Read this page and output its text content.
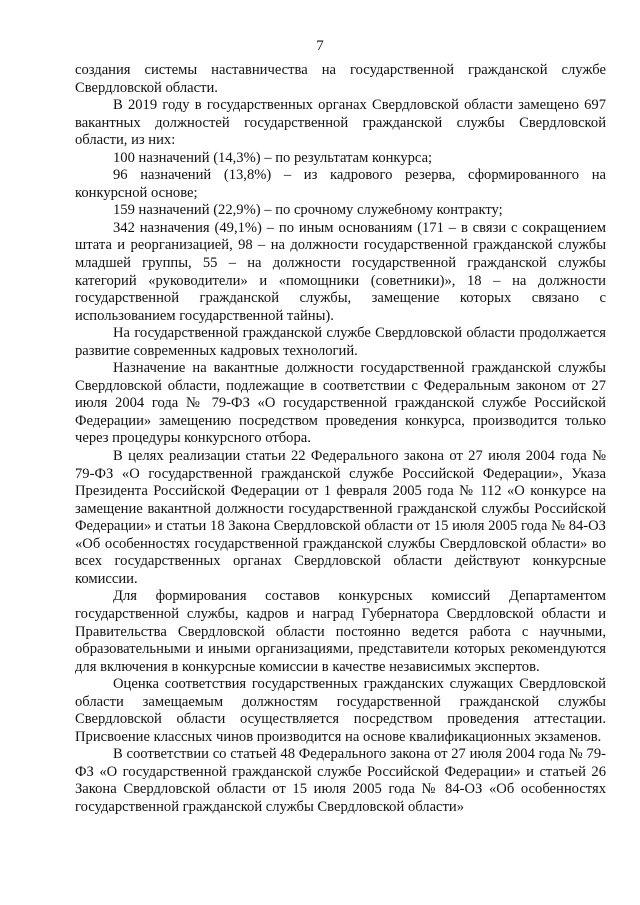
7

создания системы наставничества на государственной гражданской службе Свердловской области.

В 2019 году в государственных органах Свердловской области замещено 697 вакантных должностей государственной гражданской службы Свердловской области, из них:

100 назначений (14,3%) – по результатам конкурса;

96 назначений (13,8%) – из кадрового резерва, сформированного на конкурсной основе;

159 назначений (22,9%) – по срочному служебному контракту;

342 назначения (49,1%) – по иным основаниям (171 – в связи с сокращением штата и реорганизацией, 98 – на должности государственной гражданской службы младшей группы, 55 – на должности государственной гражданской службы категорий «руководители» и «помощники (советники)», 18 – на должности государственной гражданской службы, замещение которых связано с использованием государственной тайны).

На государственной гражданской службе Свердловской области продолжается развитие современных кадровых технологий.

Назначение на вакантные должности государственной гражданской службы Свердловской области, подлежащие в соответствии с Федеральным законом от 27 июля 2004 года № 79-ФЗ «О государственной гражданской службе Российской Федерации» замещению посредством проведения конкурса, производится только через процедуры конкурсного отбора.

В целях реализации статьи 22 Федерального закона от 27 июля 2004 года № 79-ФЗ «О государственной гражданской службе Российской Федерации», Указа Президента Российской Федерации от 1 февраля 2005 года № 112 «О конкурсе на замещение вакантной должности государственной гражданской службы Российской Федерации» и статьи 18 Закона Свердловской области от 15 июля 2005 года № 84-ОЗ «Об особенностях государственной гражданской службы Свердловской области» во всех государственных органах Свердловской области действуют конкурсные комиссии.

Для формирования составов конкурсных комиссий Департаментом государственной службы, кадров и наград Губернатора Свердловской области и Правительства Свердловской области постоянно ведется работа с научными, образовательными и иными организациями, представители которых рекомендуются для включения в конкурсные комиссии в качестве независимых экспертов.

Оценка соответствия государственных гражданских служащих Свердловской области замещаемым должностям государственной гражданской службы Свердловской области осуществляется посредством проведения аттестации. Присвоение классных чинов производится на основе квалификационных экзаменов.

В соответствии со статьей 48 Федерального закона от 27 июля 2004 года № 79-ФЗ «О государственной гражданской службе Российской Федерации» и статьей 26 Закона Свердловской области от 15 июля 2005 года № 84-ОЗ «Об особенностях государственной гражданской службы Свердловской области»
